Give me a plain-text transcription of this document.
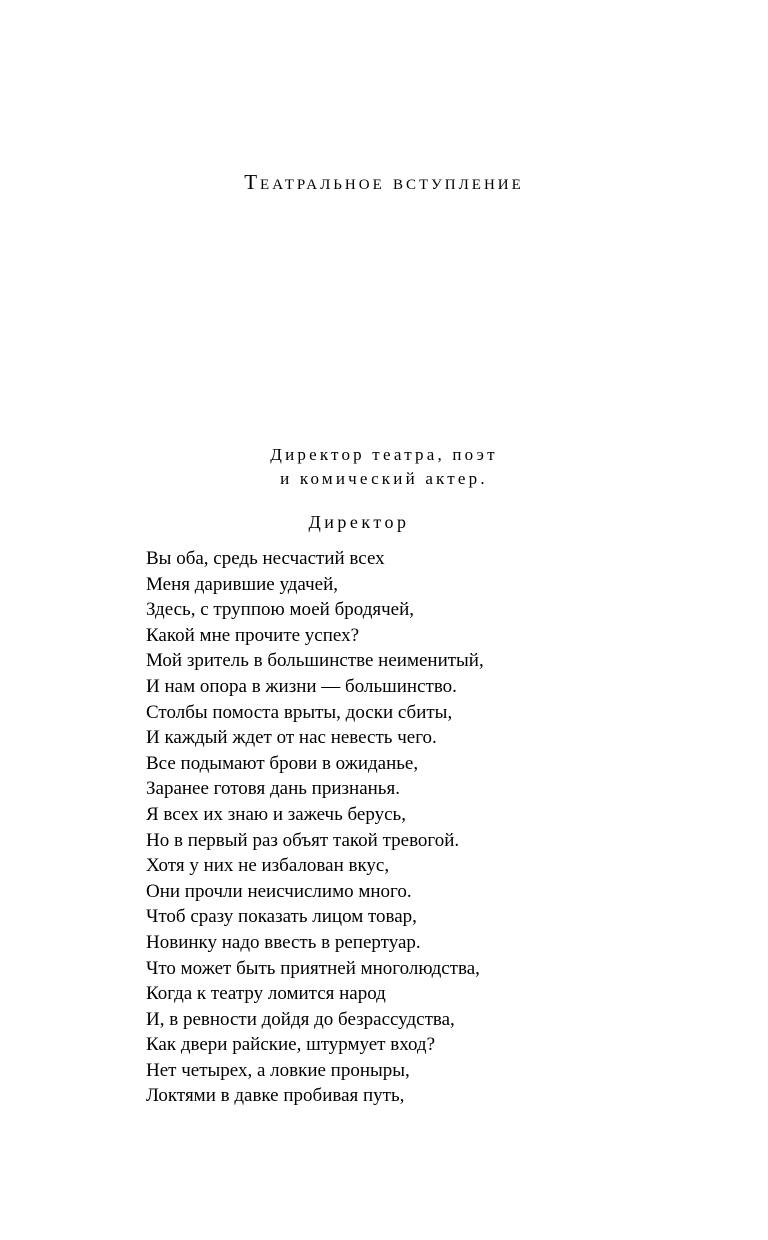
Театральное вступление
Директор театра, поэт
и комический актер.
Директор
Вы оба, средь несчастий всех
Меня дарившие удачей,
Здесь, с труппою моей бродячей,
Какой мне прочите успех?
Мой зритель в большинстве неименитый,
И нам опора в жизни — большинство.
Столбы помоста врыты, доски сбиты,
И каждый ждет от нас невесть чего.
Все подымают брови в ожиданье,
Заранее готовя дань признанья.
Я всех их знаю и зажечь берусь,
Но в первый раз объят такой тревогой.
Хотя у них не избалован вкус,
Они прочли неисчислимо много.
Чтоб сразу показать лицом товар,
Новинку надо ввесть в репертуар.
Что может быть приятней многолюдства,
Когда к театру ломится народ
И, в ревности дойдя до безрассудства,
Как двери райские, штурмует вход?
Нет четырех, а ловкие проныры,
Локтями в давке пробивая путь,
